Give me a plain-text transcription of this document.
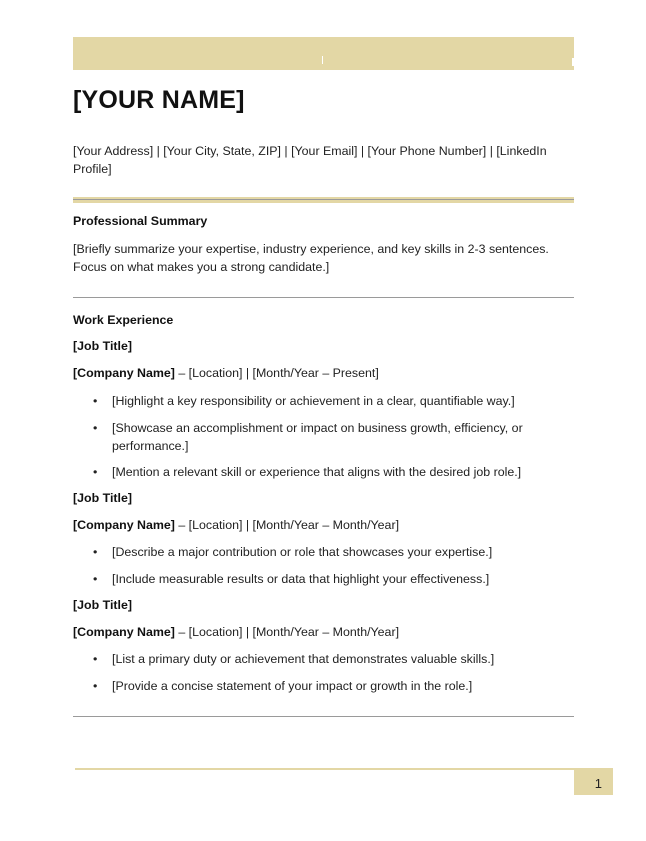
[YOUR NAME]
[Your Address] | [Your City, State, ZIP] | [Your Email] | [Your Phone Number] | [LinkedIn Profile]
Professional Summary
[Briefly summarize your expertise, industry experience, and key skills in 2-3 sentences. Focus on what makes you a strong candidate.]
Work Experience
[Job Title]
[Company Name] – [Location] | [Month/Year – Present]
•	[Highlight a key responsibility or achievement in a clear, quantifiable way.]
•	[Showcase an accomplishment or impact on business growth, efficiency, or performance.]
•	[Mention a relevant skill or experience that aligns with the desired job role.]
[Job Title]
[Company Name] – [Location] | [Month/Year – Month/Year]
•	[Describe a major contribution or role that showcases your expertise.]
•	[Include measurable results or data that highlight your effectiveness.]
[Job Title]
[Company Name] – [Location] | [Month/Year – Month/Year]
•	[List a primary duty or achievement that demonstrates valuable skills.]
•	[Provide a concise statement of your impact or growth in the role.]
1
